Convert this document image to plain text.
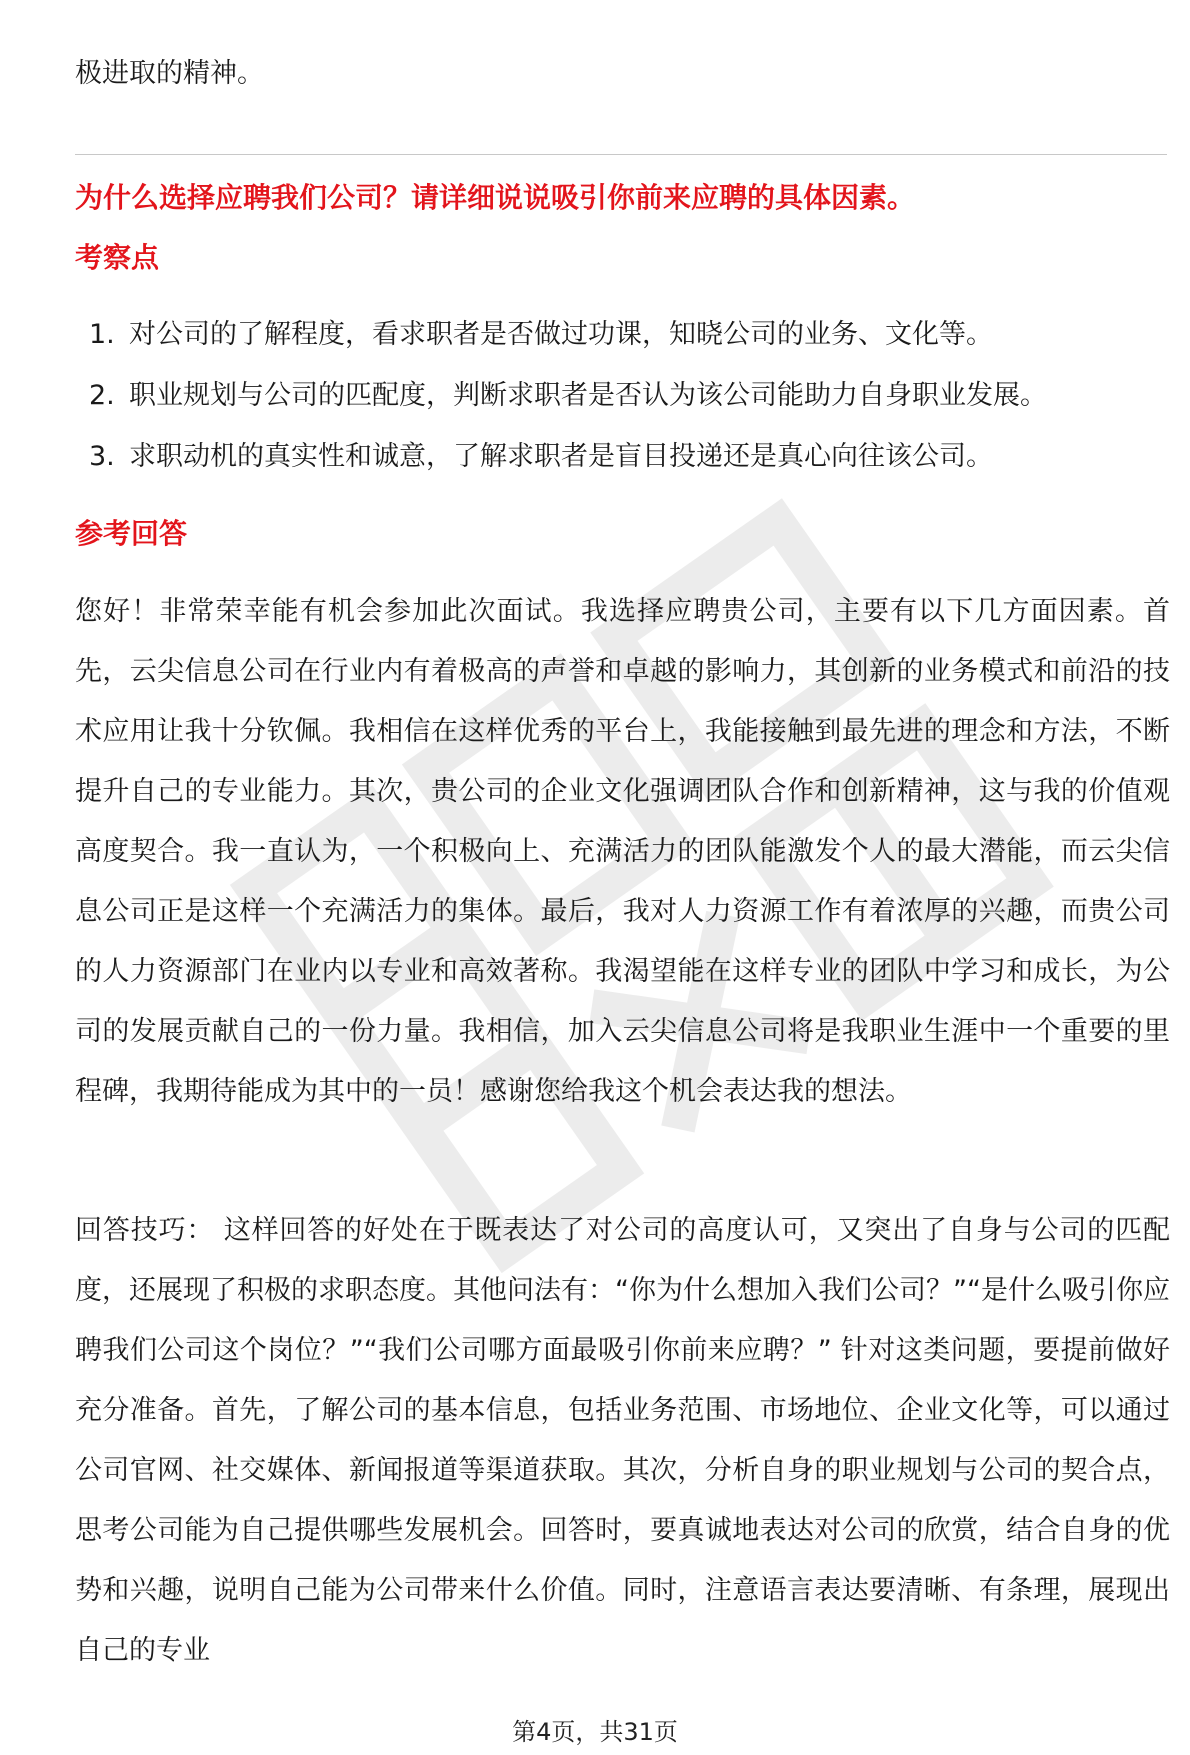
极进取的精神。

为什么选择应聘我们公司？请详细说说吸引你前来应聘的具体因素。
考察点
1. 对公司的了解程度，看求职者是否做过功课，知晓公司的业务、文化等。
2. 职业规划与公司的匹配度，判断求职者是否认为该公司能助力自身职业发展。
3. 求职动机的真实性和诚意，了解求职者是盲目投递还是真心向往该公司。
参考回答

您好！非常荣幸能有机会参加此次面试。我选择应聘贵公司，主要有以下几方面因素。首先，云尖信息公司在行业内有着极高的声誉和卓越的影响力，其创新的业务模式和前沿的技术应用让我十分钦佩。我相信在这样优秀的平台上，我能接触到最先进的理念和方法，不断提升自己的专业能力。其次，贵公司的企业文化强调团队合作和创新精神，这与我的价值观高度契合。我一直认为，一个积极向上、充满活力的团队能激发个人的最大潜能，而云尖信息公司正是这样一个充满活力的集体。最后，我对人力资源工作有着浓厚的兴趣，而贵公司的人力资源部门在业内以专业和高效著称。我渴望能在这样专业的团队中学习和成长，为公司的发展贡献自己的一份力量。我相信，加入云尖信息公司将是我职业生涯中一个重要的里程碑，我期待能成为其中的一员！感谢您给我这个机会表达我的想法。

回答技巧： 这样回答的好处在于既表达了对公司的高度认可，又突出了自身与公司的匹配度，还展现了积极的求职态度。其他问法有：“你为什么想加入我们公司？”“是什么吸引你应聘我们公司这个岗位？”“我们公司哪方面最吸引你前来应聘？” 针对这类问题，要提前做好充分准备。首先，了解公司的基本信息，包括业务范围、市场地位、企业文化等，可以通过公司官网、社交媒体、新闻报道等渠道获取。其次，分析自身的职业规划与公司的契合点，思考公司能为自己提供哪些发展机会。回答时，要真诚地表达对公司的欣赏，结合自身的优势和兴趣，说明自己能为公司带来什么价值。同时，注意语言表达要清晰、有条理，展现出自己的专业

第4页，共31页
